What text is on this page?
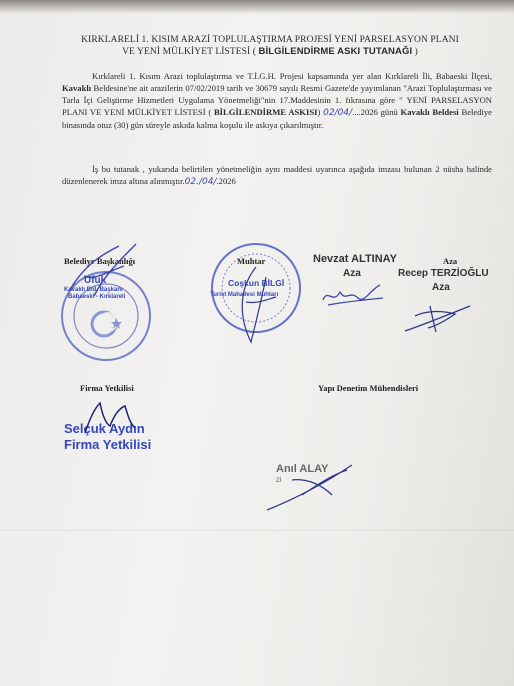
KIRKLARELİ 1. KISIM ARAZİ TOPLULAŞTIRMA PROJESİ YENİ PARSELASYON PLANI
VE YENİ MÜLKİYET LİSTESİ ( BİLGİLENDİRME ASKI TUTANAĞI )
Kırklareli 1. Kısım Arazi toplulaştırma ve T.İ.G.H. Projesi kapsamında yer alan Kırklareli İli, Babaeski İlçesi, Kavaklı Beldesine'ne ait arazilerin 07/02/2019 tarih ve 30679 sayılı Resmi Gazete'de yayımlanan "Arazi Toplulaştırması ve Tarla İçi Geliştirme Hizmetleri Uygulama Yönetmeliği"nin 17.Maddesinin 1. fıkrasına göre " YENİ PARSELASYON PLANI VE YENİ MÜLKİYET LİSTESİ ( BİLGİLENDİRME ASKISI) 02/04/....2026 günü Kavaklı Beldesi Belediye binasında otuz (30) gün süreyle askıda kalma koşulu ile askıya çıkarılmıştır.
İş bu tutanak , yukarıda belirtilen yönetmeliğin aynı maddesi uyarınca aşağıda imzası bulunan 2 nüsha halinde düzenlenerek imza altına alınmıştır.02./04/.2026
Belediye Başkanlığı	Muhtar	Nevzat ALTINAY
Aza
Aza
Recep TERZİOĞLU
Aza
Ufuk
Kavaklı Bld. Başkanı
Babaeski - Kırklareli
Coşkun BİLGİ
Turist Mahallesi Muhtarı
Firma Yetkilisi	Yapı Denetim Mühendisleri
Selçuk Aydın
Firma Yetkilisi
Anıl ALAY
Zİ
